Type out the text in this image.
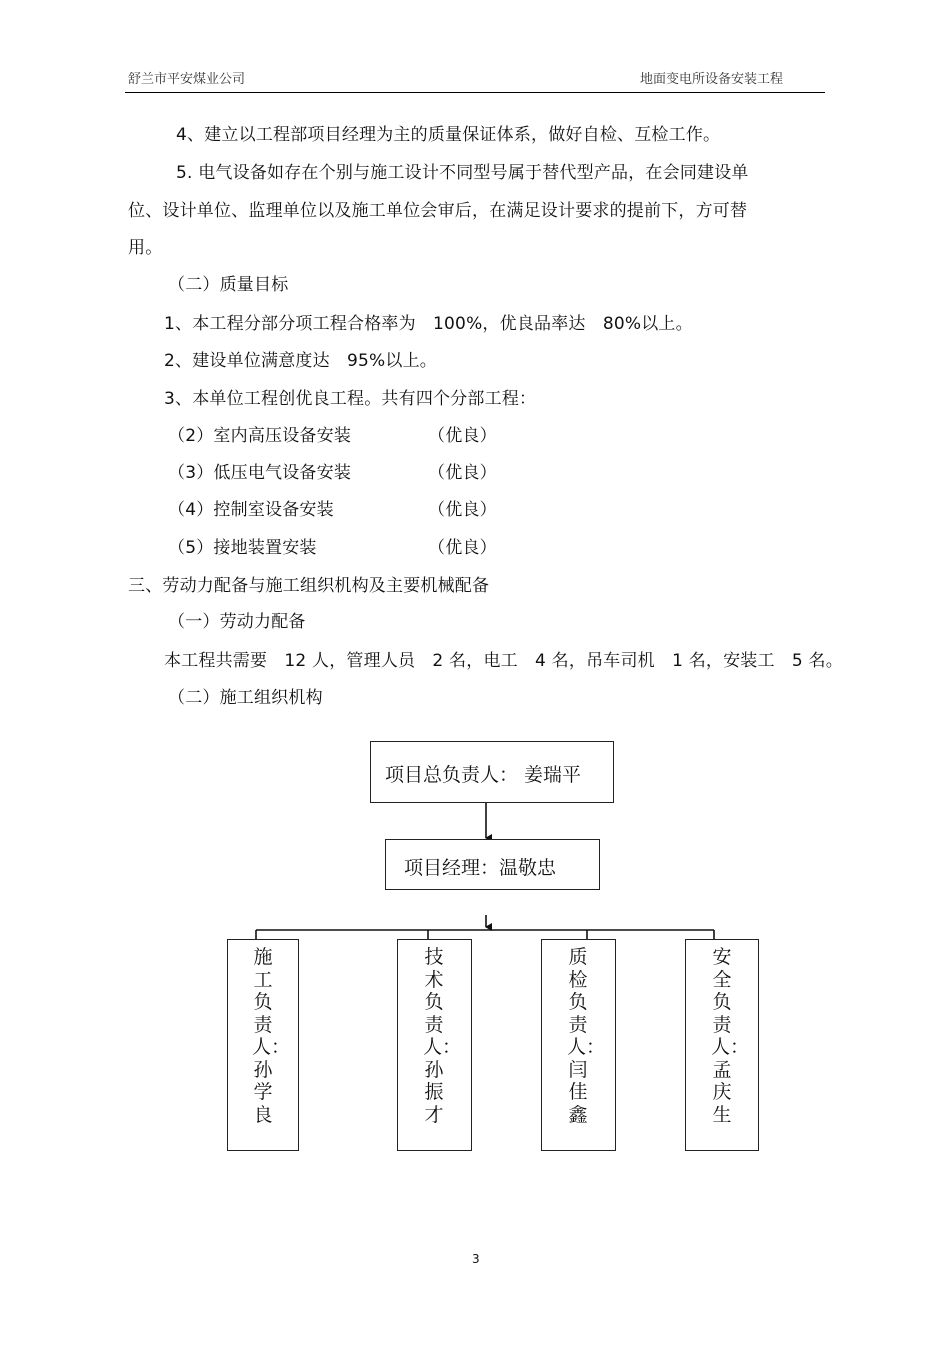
舒兰市平安煤业公司	地面变电所设备安装工程
4、建立以工程部项目经理为主的质量保证体系，做好自检、互检工作。
5. 电气设备如存在个别与施工设计不同型号属于替代型产品，在会同建设单
位、设计单位、监理单位以及施工单位会审后，在满足设计要求的提前下，方可替
用。
（二）质量目标
1、本工程分部分项工程合格率为　100%，优良品率达　80%以上。
2、建设单位满意度达　95%以上。
3、本单位工程创优良工程。共有四个分部工程：
（2）室内高压设备安装	（优良）
（3）低压电气设备安装	（优良）
（4）控制室设备安装	（优良）
（5）接地装置安装	（优良）
三、劳动力配备与施工组织机构及主要机械配备
（一）劳动力配备
本工程共需要　12 人，管理人员　2 名，电工　4 名，吊车司机　1 名，安装工　5 名。
（二）施工组织机构
项目总负责人： 姜瑞平
项目经理：温敬忠
施工负责人：孙学良
技术负责人：孙振才
质检负责人：闫佳鑫
安全负责人：孟庆生
3
